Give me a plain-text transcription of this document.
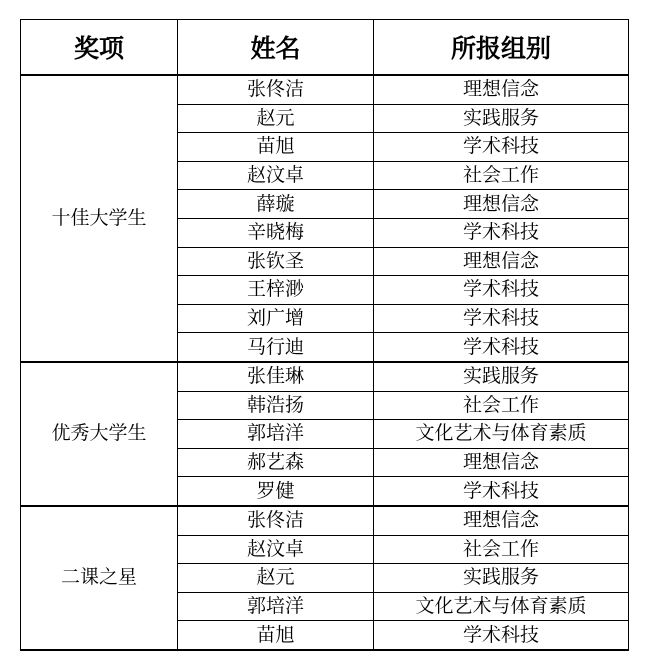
奖项	姓名	所报组别
十佳大学生	张佟洁	理想信念
	赵元	实践服务
	苗旭	学术科技
	赵汶卓	社会工作
	薛璇	理想信念
	辛晓梅	学术科技
	张钦圣	理想信念
	王梓渺	学术科技
	刘广增	学术科技
	马行迪	学术科技
优秀大学生	张佳琳	实践服务
	韩浩扬	社会工作
	郭培洋	文化艺术与体育素质
	郝艺森	理想信念
	罗健	学术科技
二课之星	张佟洁	理想信念
	赵汶卓	社会工作
	赵元	实践服务
	郭培洋	文化艺术与体育素质
	苗旭	学术科技
